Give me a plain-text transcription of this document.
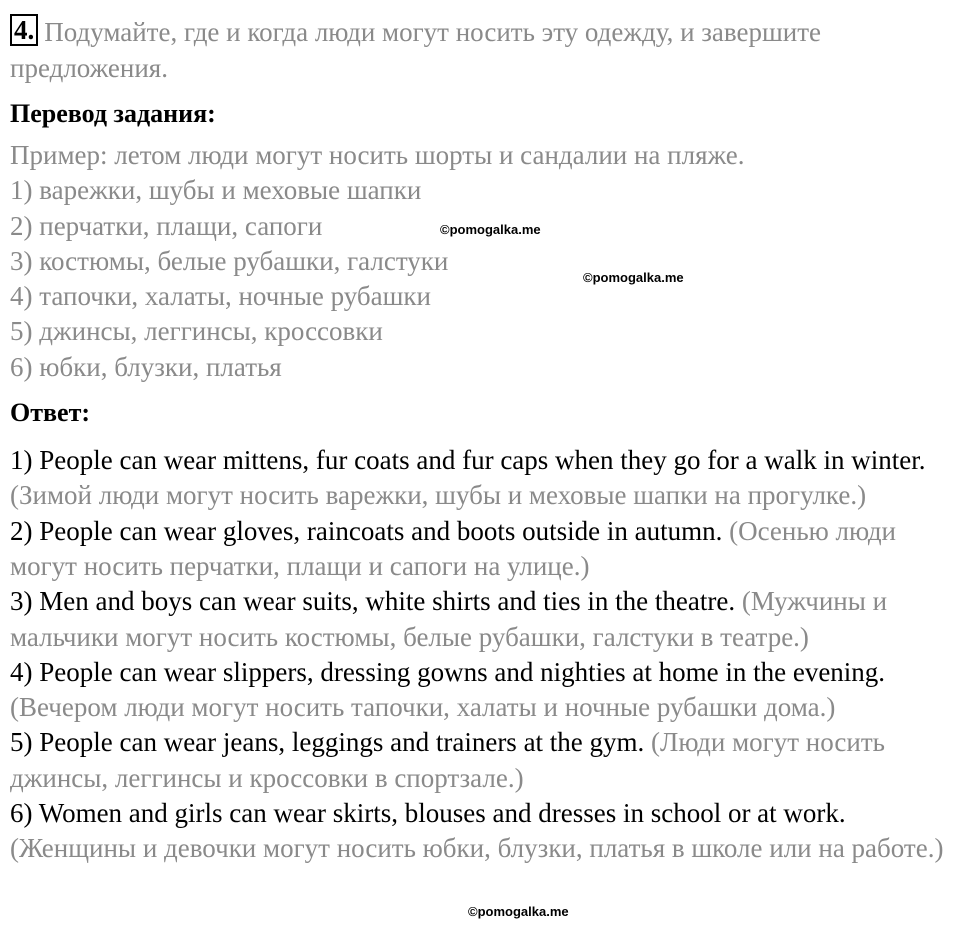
4. Подумайте, где и когда люди могут носить эту одежду, и завершите предложения.

Перевод задания:

Пример: летом люди могут носить шорты и сандалии на пляже.
1) варежки, шубы и меховые шапки
2) перчатки, плащи, сапоги
3) костюмы, белые рубашки, галстуки
4) тапочки, халаты, ночные рубашки
5) джинсы, леггинсы, кроссовки
6) юбки, блузки, платья

Ответ:

1) People can wear mittens, fur coats and fur caps when they go for a walk in winter. (Зимой люди могут носить варежки, шубы и меховые шапки на прогулке.)
2) People can wear gloves, raincoats and boots outside in autumn. (Осенью люди могут носить перчатки, плащи и сапоги на улице.)
3) Men and boys can wear suits, white shirts and ties in the theatre. (Мужчины и мальчики могут носить костюмы, белые рубашки, галстуки в театре.)
4) People can wear slippers, dressing gowns and nighties at home in the evening. (Вечером люди могут носить тапочки, халаты и ночные рубашки дома.)
5) People can wear jeans, leggings and trainers at the gym. (Люди могут носить джинсы, леггинсы и кроссовки в спортзале.)
6) Women and girls can wear skirts, blouses and dresses in school or at work. (Женщины и девочки могут носить юбки, блузки, платья в школе или на работе.)
©pomogalka.me
©pomogalka.me
©pomogalka.me
